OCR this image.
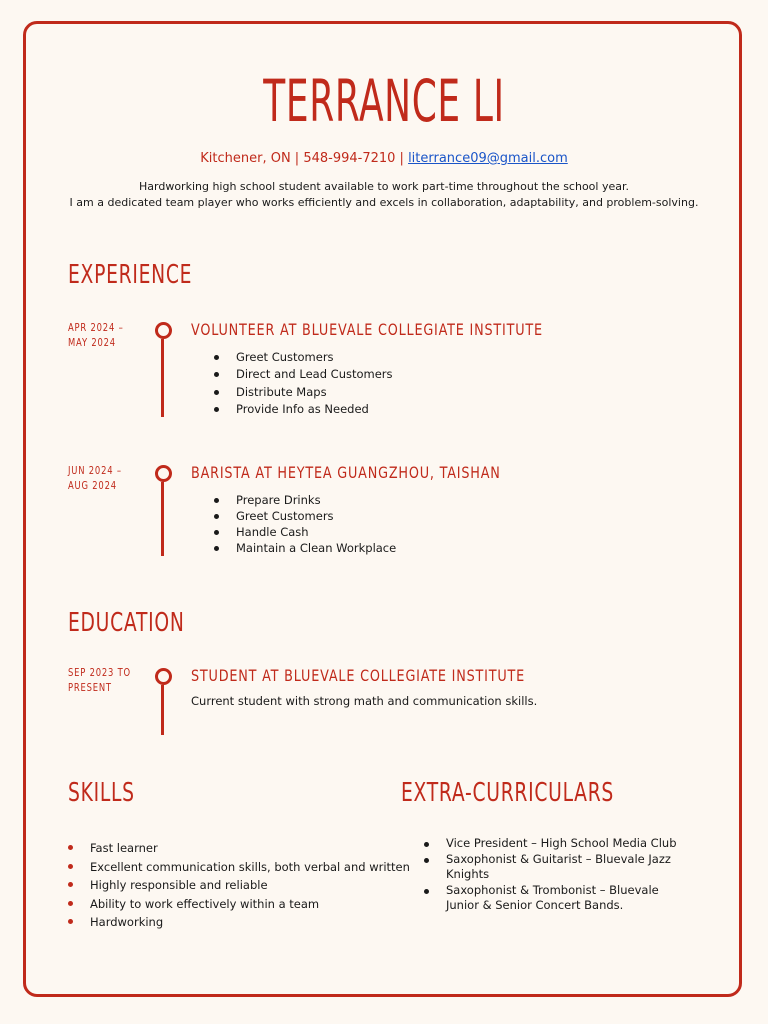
TERRANCE LI
Kitchener, ON | 548-994-7210 | literrance09@gmail.com
Hardworking high school student available to work part-time throughout the school year.
I am a dedicated team player who works efficiently and excels in collaboration, adaptability, and problem-solving.
EXPERIENCE
APR 2024 –
MAY 2024
VOLUNTEER AT BLUEVALE COLLEGIATE INSTITUTE
Greet Customers
Direct and Lead Customers
Distribute Maps
Provide Info as Needed
JUN 2024 –
AUG 2024
BARISTA AT HEYTEA GUANGZHOU, TAISHAN
Prepare Drinks
Greet Customers
Handle Cash
Maintain a Clean Workplace
EDUCATION
SEP 2023 TO
PRESENT
STUDENT AT BLUEVALE COLLEGIATE INSTITUTE
Current student with strong math and communication skills.
SKILLS
Fast learner
Excellent communication skills, both verbal and written
Highly responsible and reliable
Ability to work effectively within a team
Hardworking
EXTRA-CURRICULARS
Vice President – High School Media Club
Saxophonist & Guitarist – Bluevale Jazz Knights
Saxophonist & Trombonist – Bluevale Junior & Senior Concert Bands.
